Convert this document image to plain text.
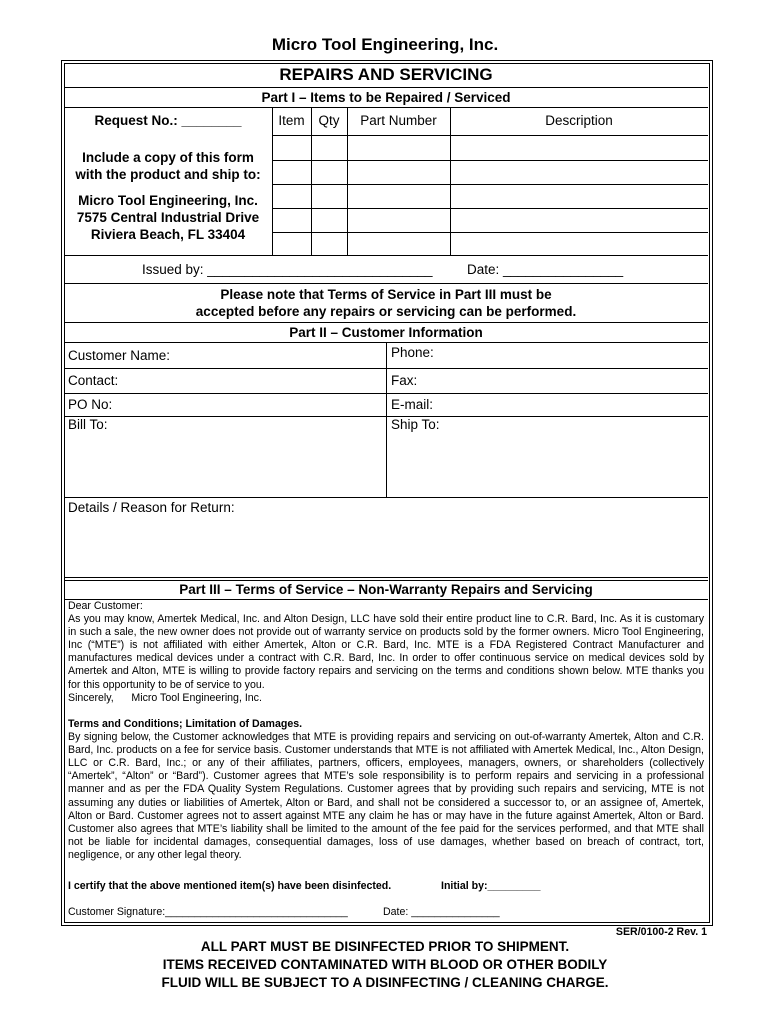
Micro Tool Engineering, Inc.
REPAIRS AND SERVICING
Part I – Items to be Repaired / Serviced
Request No.: ________	Item	Qty	Part Number	Description
Include a copy of this form
with the product and ship to:
Micro Tool Engineering, Inc.
7575 Central Industrial Drive
Riviera Beach, FL 33404
Issued by: ______________________________	Date: ________________
Please note that Terms of Service in Part III must be
accepted before any repairs or servicing can be performed.
Part II – Customer Information
Customer Name:	Phone:
Contact:	Fax:
PO No:	E-mail:
Bill To:	Ship To:
Details / Reason for Return:
Part III – Terms of Service – Non-Warranty Repairs and Servicing
Dear Customer:
As you may know, Amertek Medical, Inc. and Alton Design, LLC have sold their entire product line to C.R. Bard, Inc. As it is customary in such a sale, the new owner does not provide out of warranty service on products sold by the former owners. Micro Tool Engineering, Inc (“MTE”) is not affiliated with either Amertek, Alton or C.R. Bard, Inc. MTE is a FDA Registered Contract Manufacturer and manufactures medical devices under a contract with C.R. Bard, Inc. In order to offer continuous service on medical devices sold by Amertek and Alton, MTE is willing to provide factory repairs and servicing on the terms and conditions shown below. MTE thanks you for this opportunity to be of service to you.
Sincerely,      Micro Tool Engineering, Inc.
Terms and Conditions; Limitation of Damages.
By signing below, the Customer acknowledges that MTE is providing repairs and servicing on out-of-warranty Amertek, Alton and C.R. Bard, Inc. products on a fee for service basis. Customer understands that MTE is not affiliated with Amertek Medical, Inc., Alton Design, LLC or C.R. Bard, Inc.; or any of their affiliates, partners, officers, employees, managers, owners, or shareholders (collectively “Amertek”, “Alton” or “Bard”). Customer agrees that MTE’s sole responsibility is to perform repairs and servicing in a professional manner and as per the FDA Quality System Regulations. Customer agrees that by providing such repairs and servicing, MTE is not assuming any duties or liabilities of Amertek, Alton or Bard, and shall not be considered a successor to, or an assignee of, Amertek, Alton or Bard. Customer agrees not to assert against MTE any claim he has or may have in the future against Amertek, Alton or Bard. Customer also agrees that MTE’s liability shall be limited to the amount of the fee paid for the services performed, and that MTE shall not be liable for incidental damages, consequential damages, loss of use damages, whether based on breach of contract, tort, negligence, or any other legal theory.
I certify that the above mentioned item(s) have been disinfected.	Initial by:_________
Customer Signature:_______________________________	Date: _______________
SER/0100-2 Rev. 1
ALL PART MUST BE DISINFECTED PRIOR TO SHIPMENT.
ITEMS RECEIVED CONTAMINATED WITH BLOOD OR OTHER BODILY
FLUID WILL BE SUBJECT TO A DISINFECTING / CLEANING CHARGE.
